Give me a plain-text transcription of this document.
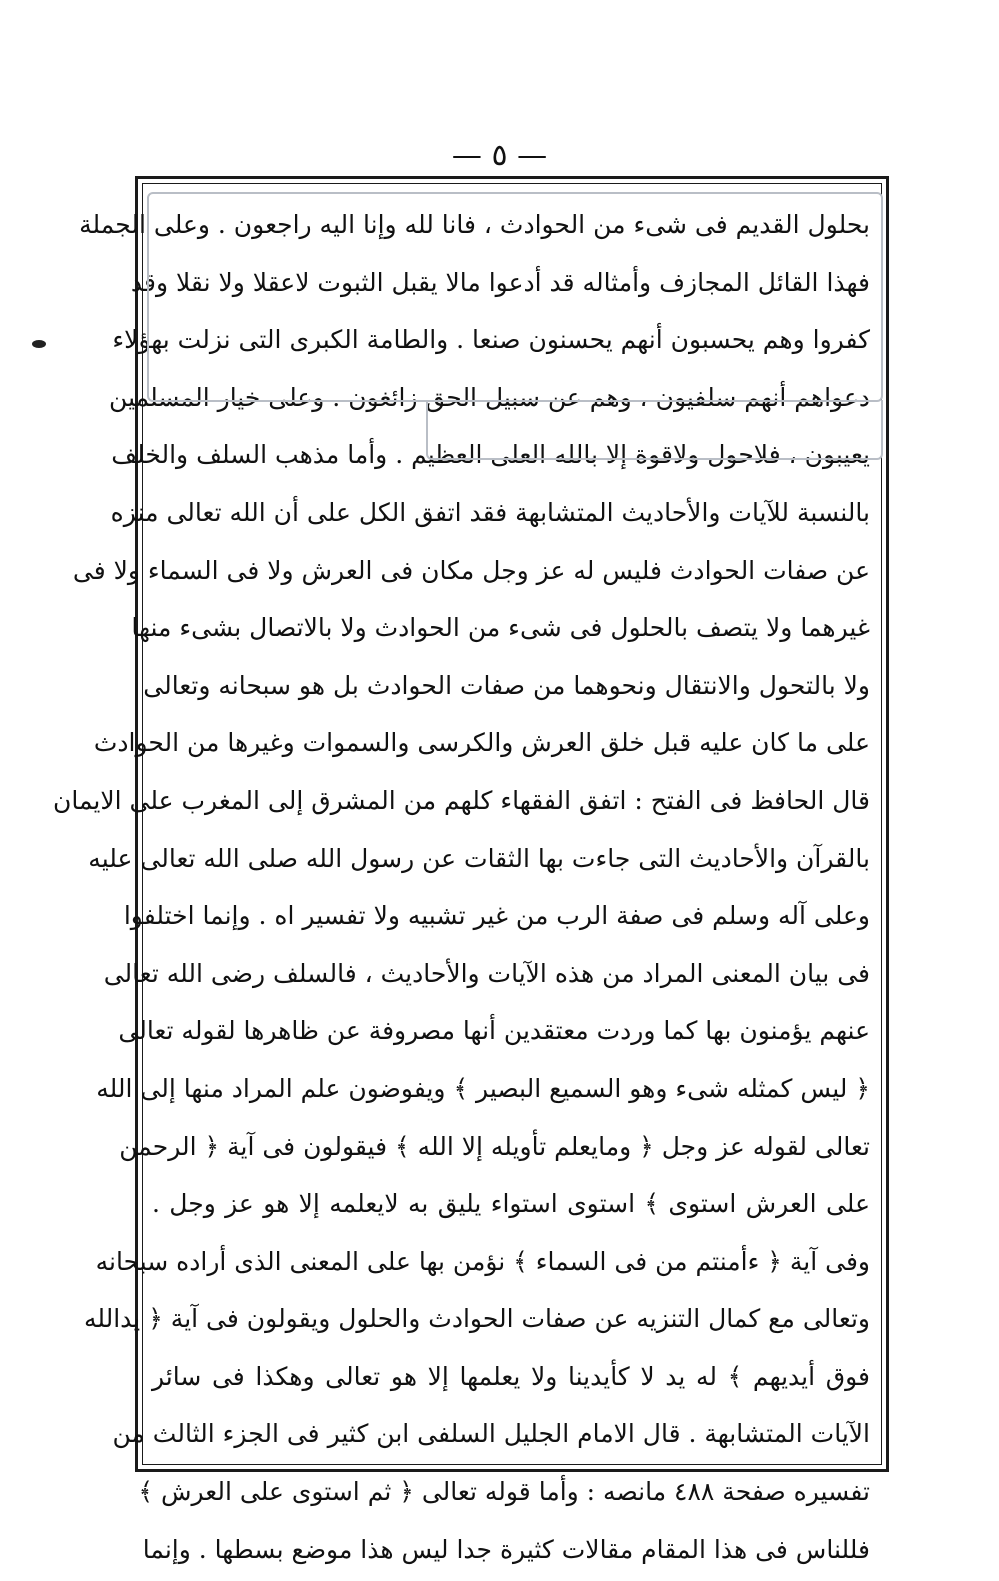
— ٥ —
بحلول القديم فى شىء من الحوادث ، فانا لله وإنا اليه راجعون . وعلى الجملة
فهذا القائل المجازف وأمثاله قد أدعوا مالا يقبل الثبوت لاعقلا ولا نقلا وقد
كفروا وهم يحسبون أنهم يحسنون صنعا . والطامة الكبرى التى نزلت بهؤلاء
دعواهم أنهم سلفيون ، وهم عن سبيل الحق زائغون . وعلى خيار المسلمين
يعيبون ، فلاحول ولاقوة إلا بالله العلى العظيم . وأما مذهب السلف والخلف
بالنسبة للآيات والأحاديث المتشابهة فقد اتفق الكل على أن الله تعالى منزه
عن صفات الحوادث فليس له عز وجل مكان فى العرش ولا فى السماء ولا فى
غيرهما ولا يتصف بالحلول فى شىء من الحوادث ولا بالاتصال بشىء منها
ولا بالتحول والانتقال ونحوهما من صفات الحوادث بل هو سبحانه وتعالى
على ما كان عليه قبل خلق العرش والكرسى والسموات وغيرها من الحوادث
قال الحافظ فى الفتح : اتفق الفقهاء كلهم من المشرق إلى المغرب على الايمان
بالقرآن والأحاديث التى جاءت بها الثقات عن رسول الله صلى الله تعالى عليه
وعلى آله وسلم فى صفة الرب من غير تشبيه ولا تفسير اه . وإنما اختلفوا
فى بيان المعنى المراد من هذه الآيات والأحاديث ، فالسلف رضى الله تعالى
عنهم يؤمنون بها كما وردت معتقدين أنها مصروفة عن ظاهرها لقوله تعالى
﴿ ليس كمثله شىء وهو السميع البصير ﴾ ويفوضون علم المراد منها إلى الله
تعالى لقوله عز وجل ﴿ ومايعلم تأويله إلا الله ﴾ فيقولون فى آية ﴿ الرحمن
على العرش استوى ﴾ استوى استواء يليق به لايعلمه إلا هو عز وجل .
وفى آية ﴿ ءأمنتم من فى السماء ﴾ نؤمن بها على المعنى الذى أراده سبحانه
وتعالى مع كمال التنزيه عن صفات الحوادث والحلول ويقولون فى آية ﴿ يدالله
فوق أيديهم ﴾ له يد لا كأيدينا ولا يعلمها إلا هو تعالى وهكذا فى سائر
الآيات المتشابهة . قال الامام الجليل السلفى ابن كثير فى الجزء الثالث من
تفسيره صفحة ٤٨٨ مانصه : وأما قوله تعالى ﴿ ثم استوى على العرش ﴾
فللناس فى هذا المقام مقالات كثيرة جدا ليس هذا موضع بسطها . وإنما
